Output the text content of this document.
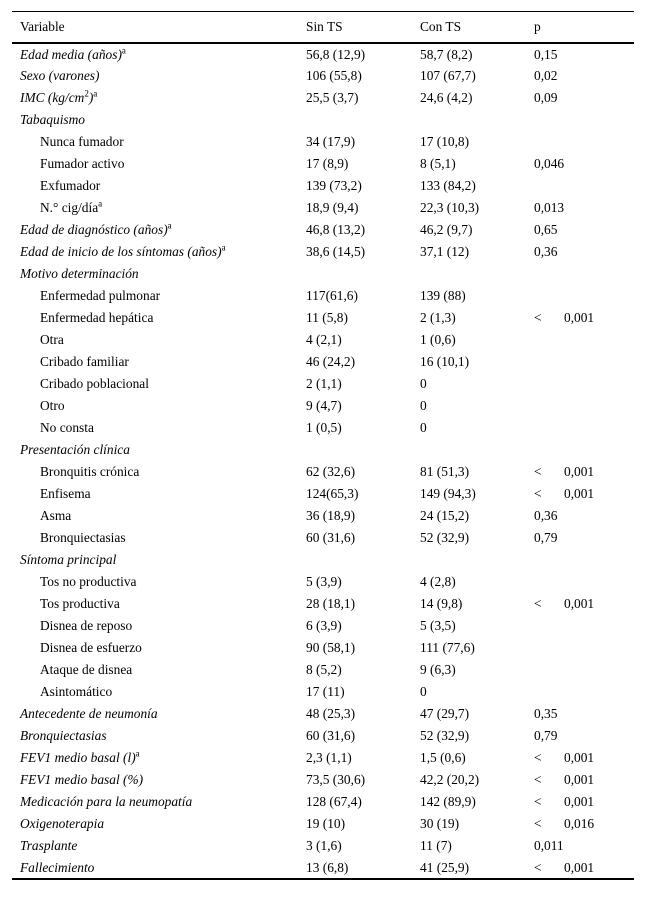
Variable	Sin TS	Con TS	p
Edad media (años)$^a$	56,8 (12,9)	58,7 (8,2)	0,15
Sexo (varones)	106 (55,8)	107 (67,7)	0,02
IMC $(kg/cm^2)^a$	25,5 (3,7)	24,6 (4,2)	0,09
Tabaquismo			
Nunca fumador	34 (17,9)	17 (10,8)	
Fumador activo	17 (8,9)	8 (5,1)	0,046
Exfumador	139 (73,2)	133 (84,2)	
N.° cig/día$^a$	18,9 (9,4)	22,3 (10,3)	0,013
Edad de diagnóstico (años)$^a$	46,8 (13,2)	46,2 (9,7)	0,65
Edad de inicio de los síntomas (años)$^a$	38,6 (14,5)	37,1 (12)	0,36
Motivo determinación			
Enfermedad pulmonar	117(61,6)	139 (88)	
Enfermedad hepática	11 (5,8)	2 (1,3)	< 0,001
Otra	4 (2,1)	1 (0,6)	
Cribado familiar	46 (24,2)	16 (10,1)	
Cribado poblacional	2 (1,1)	0	
Otro	9 (4,7)	0	
No consta	1 (0,5)	0	
Presentación clínica			
Bronquitis crónica	62 (32,6)	81 (51,3)	< 0,001
Enfisema	124(65,3)	149 (94,3)	< 0,001
Asma	36 (18,9)	24 (15,2)	0,36
Bronquiectasias	60 (31,6)	52 (32,9)	0,79
Síntoma principal			
Tos no productiva	5 (3,9)	4 (2,8)	
Tos productiva	28 (18,1)	14 (9,8)	< 0,001
Disnea de reposo	6 (3,9)	5 (3,5)	
Disnea de esfuerzo	90 (58,1)	111 (77,6)	
Ataque de disnea	8 (5,2)	9 (6,3)	
Asintomático	17 (11)	0	
Antecedente de neumonía	48 (25,3)	47 (29,7)	0,35
Bronquiectasias	60 (31,6)	52 (32,9)	0,79
FEV1 medio basal $(l)^a$	2,3 (1,1)	1,5 (0,6)	< 0,001
FEV1 medio basal (%)	73,5 (30,6)	42,2 (20,2)	< 0,001
Medicación para la neumopatía	128 (67,4)	142 (89,9)	< 0,001
Oxigenoterapia	19 (10)	30 (19)	< 0,016
Trasplante	3 (1,6)	11 (7)	0,011
Fallecimiento	13 (6,8)	41 (25,9)	< 0,001
